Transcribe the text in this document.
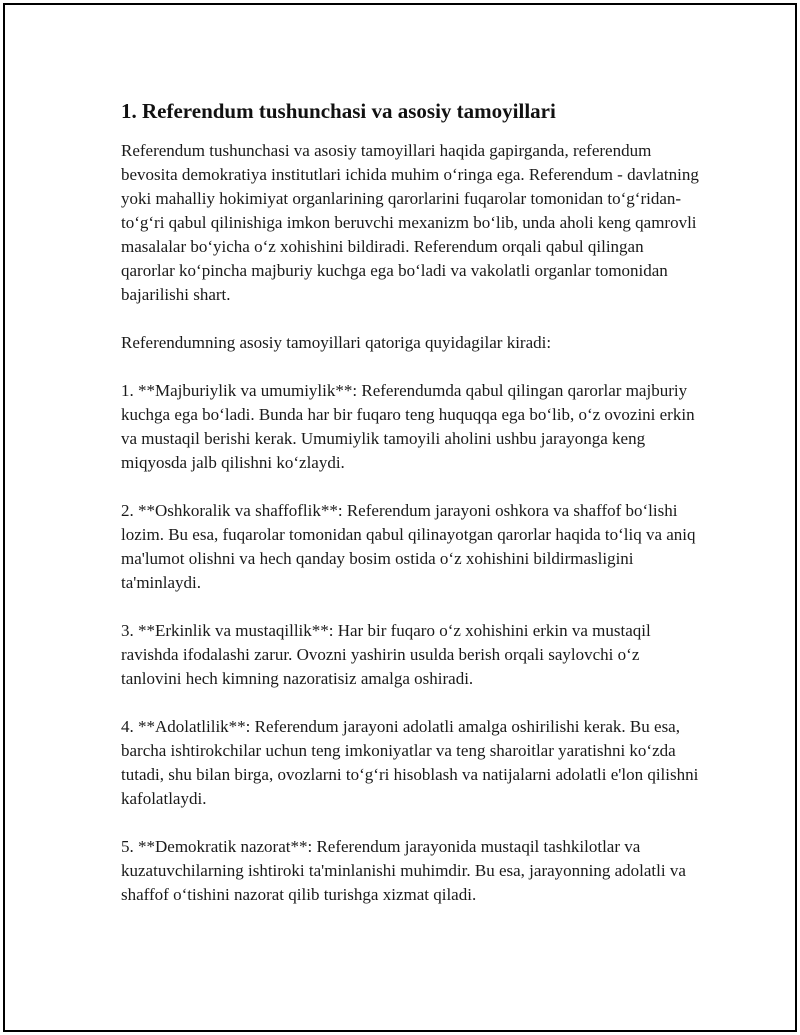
1. Referendum tushunchasi va asosiy tamoyillari

Referendum tushunchasi va asosiy tamoyillari haqida gapirganda, referendum bevosita demokratiya institutlari ichida muhim o‘ringa ega. Referendum - davlatning yoki mahalliy hokimiyat organlarining qarorlarini fuqarolar tomonidan to‘g‘ridan-to‘g‘ri qabul qilinishiga imkon beruvchi mexanizm bo‘lib, unda aholi keng qamrovli masalalar bo‘yicha o‘z xohishini bildiradi. Referendum orqali qabul qilingan qarorlar ko‘pincha majburiy kuchga ega bo‘ladi va vakolatli organlar tomonidan bajarilishi shart.

Referendumning asosiy tamoyillari qatoriga quyidagilar kiradi:

1. **Majburiylik va umumiylik**: Referendumda qabul qilingan qarorlar majburiy kuchga ega bo‘ladi. Bunda har bir fuqaro teng huquqqa ega bo‘lib, o‘z ovozini erkin va mustaqil berishi kerak. Umumiylik tamoyili aholini ushbu jarayonga keng miqyosda jalb qilishni ko‘zlaydi.

2. **Oshkoralik va shaffoflik**: Referendum jarayoni oshkora va shaffof bo‘lishi lozim. Bu esa, fuqarolar tomonidan qabul qilinayotgan qarorlar haqida to‘liq va aniq ma'lumot olishni va hech qanday bosim ostida o‘z xohishini bildirmasligini ta'minlaydi.

3. **Erkinlik va mustaqillik**: Har bir fuqaro o‘z xohishini erkin va mustaqil ravishda ifodalashi zarur. Ovozni yashirin usulda berish orqali saylovchi o‘z tanlovini hech kimning nazoratisiz amalga oshiradi.

4. **Adolatlilik**: Referendum jarayoni adolatli amalga oshirilishi kerak. Bu esa, barcha ishtirokchilar uchun teng imkoniyatlar va teng sharoitlar yaratishni ko‘zda tutadi, shu bilan birga, ovozlarni to‘g‘ri hisoblash va natijalarni adolatli e'lon qilishni kafolatlaydi.

5. **Demokratik nazorat**: Referendum jarayonida mustaqil tashkilotlar va kuzatuvchilarning ishtiroki ta'minlanishi muhimdir. Bu esa, jarayonning adolatli va shaffof o‘tishini nazorat qilib turishga xizmat qiladi.
